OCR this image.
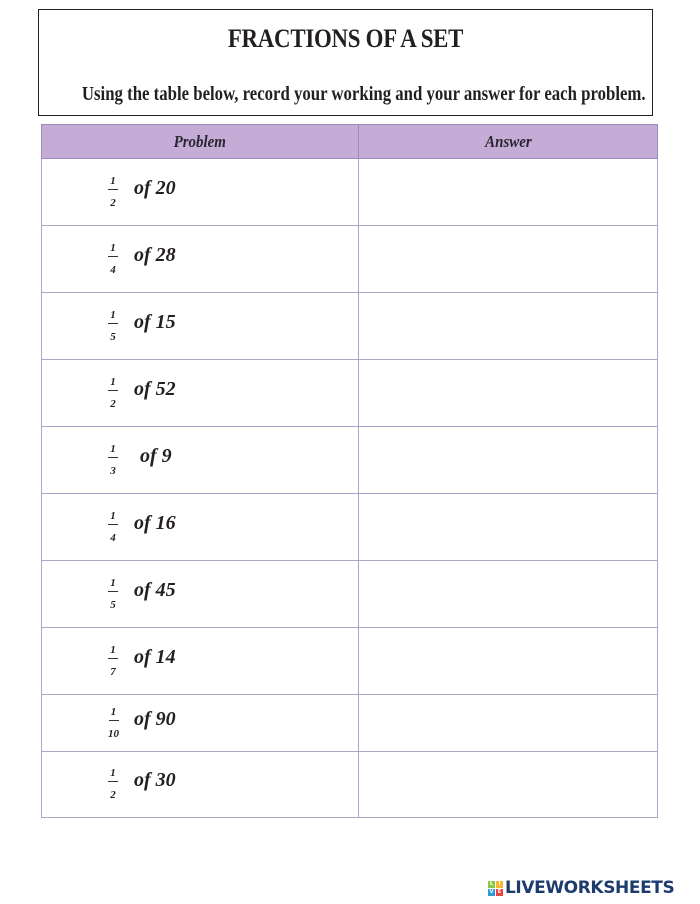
FRACTIONS OF A SET
Using the table below, record your working and your answer for each problem.
Problem	Answer

$\frac{1}{2}$ of 20	

$\frac{1}{4}$ of 28	

$\frac{1}{5}$ of 15	

$\frac{1}{2}$ of 52	

$\frac{1}{3}$ of 9	

$\frac{1}{4}$ of 16	

$\frac{1}{5}$ of 45	

$\frac{1}{7}$ of 14	

$\frac{1}{10}$ of 90	

$\frac{1}{2}$ of 30	

L	I
V E LIVEWORKSHEETS
